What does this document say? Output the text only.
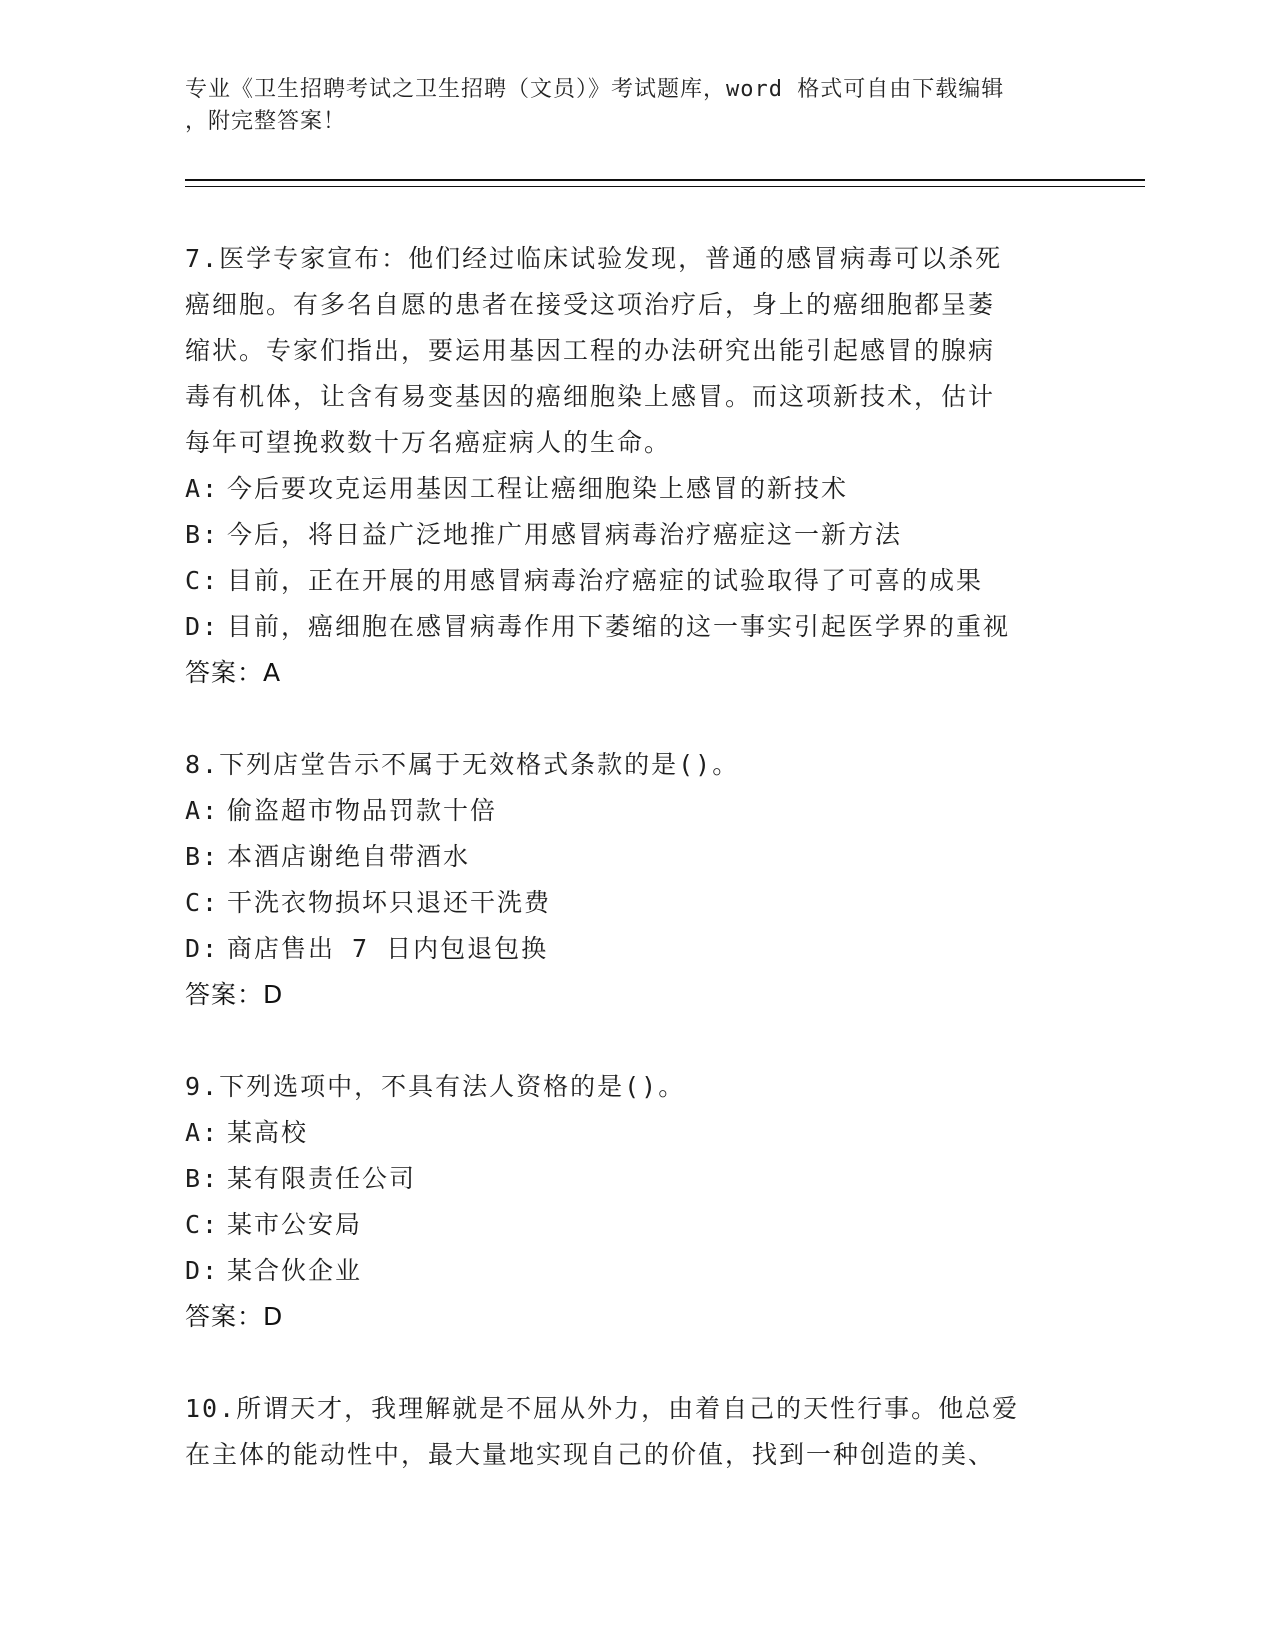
专业《卫生招聘考试之卫生招聘（文员）》考试题库，word 格式可自由下载编辑
，附完整答案！
7.医学专家宣布：他们经过临床试验发现，普通的感冒病毒可以杀死
癌细胞。有多名自愿的患者在接受这项治疗后，身上的癌细胞都呈萎
缩状。专家们指出，要运用基因工程的办法研究出能引起感冒的腺病
毒有机体，让含有易变基因的癌细胞染上感冒。而这项新技术，估计
每年可望挽救数十万名癌症病人的生命。
A: 今后要攻克运用基因工程让癌细胞染上感冒的新技术
B: 今后，将日益广泛地推广用感冒病毒治疗癌症这一新方法
C: 目前，正在开展的用感冒病毒治疗癌症的试验取得了可喜的成果
D: 目前，癌细胞在感冒病毒作用下萎缩的这一事实引起医学界的重视
答案：A
8.下列店堂告示不属于无效格式条款的是()。
A: 偷盗超市物品罚款十倍
B: 本酒店谢绝自带酒水
C: 干洗衣物损坏只退还干洗费
D: 商店售出 7 日内包退包换
答案：D
9.下列选项中，不具有法人资格的是()。
A: 某高校
B: 某有限责任公司
C: 某市公安局
D: 某合伙企业
答案：D
10.所谓天才，我理解就是不屈从外力，由着自己的天性行事。他总爱
在主体的能动性中，最大量地实现自己的价值，找到一种创造的美、
